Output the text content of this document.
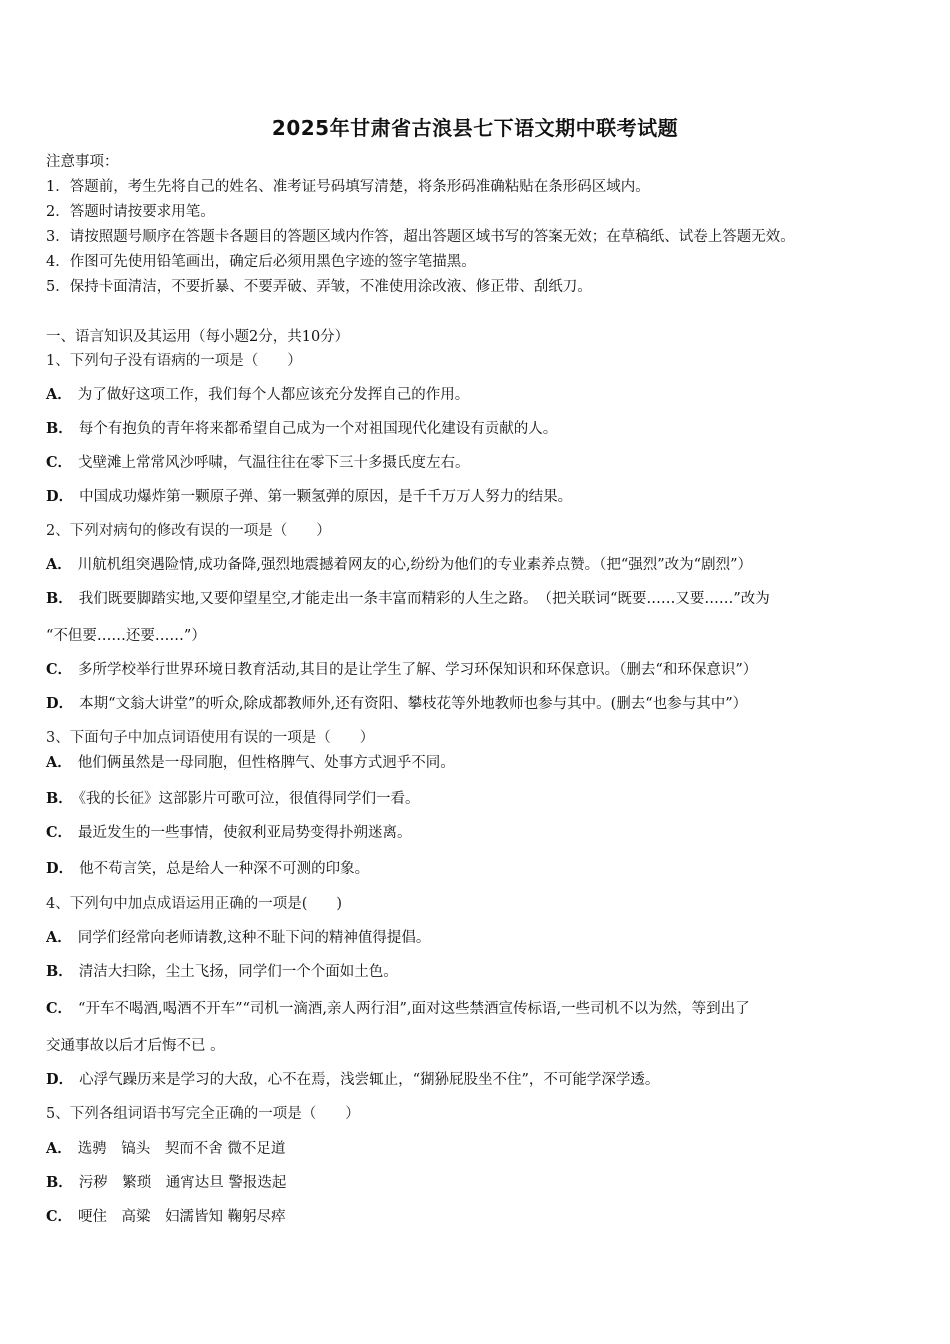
2025年甘肃省古浪县七下语文期中联考试题
注意事项：
1．答题前，考生先将自己的姓名、准考证号码填写清楚，将条形码准确粘贴在条形码区域内。
2．答题时请按要求用笔。
3．请按照题号顺序在答题卡各题目的答题区域内作答，超出答题区域书写的答案无效；在草稿纸、试卷上答题无效。
4．作图可先使用铅笔画出，确定后必须用黑色字迹的签字笔描黑。
5．保持卡面清洁，不要折暴、不要弄破、弄皱，不准使用涂改液、修正带、刮纸刀。
一、语言知识及其运用（每小题2分，共10分）
1、下列句子没有语病的一项是（　　）
A． 为了做好这项工作，我们每个人都应该充分发挥自己的作用。
B． 每个有抱负的青年将来都希望自己成为一个对祖国现代化建设有贡献的人。
C． 戈壁滩上常常风沙呼啸，气温往往在零下三十多摄氏度左右。
D． 中国成功爆炸第一颗原子弹、第一颗氢弹的原因，是千千万万人努力的结果。
2、下列对病句的修改有误的一项是（　　）
A． 川航机组突遇险情,成功备降,强烈地震撼着网友的心,纷纷为他们的专业素养点赞。（把“强烈”改为“剧烈”）
B． 我们既要脚踏实地,又要仰望星空,才能走出一条丰富而精彩的人生之路。　（把关联词“既要……又要……”改为
“不但要……还要……”）
C． 多所学校举行世界环境日教育活动,其目的是让学生了解、学习环保知识和环保意识。（删去“和环保意识”）
D． 本期“文翁大讲堂”的听众,除成都教师外,还有资阳、攀枝花等外地教师也参与其中。(删去“也参与其中”）
3、下面句子中加点词语使用有误的一项是（　　）
A． 他们俩虽然是一母同胞，但性格脾气、处事方式迥乎不同。
B． 《我的长征》这部影片可歌可泣，很值得同学们一看。
C． 最近发生的一些事情，使叙利亚局势变得扑朔迷离。
D． 他不苟言笑，总是给人一种深不可测的印象。
4、下列句中加点成语运用正确的一项是(　　)
A． 同学们经常向老师请教,这种不耻下问的精神值得提倡。
B． 清洁大扫除，尘土飞扬，同学们一个个面如土色。
C． “开车不喝酒,喝酒不开车”“司机一滴酒,亲人两行泪”,面对这些禁酒宣传标语,一些司机不以为然，等到出了
交通事故以后才后悔不已 。
D． 心浮气躁历来是学习的大敌，心不在焉，浅尝辄止，“猢狲屁股坐不住”，不可能学深学透。
5、下列各组词语书写完全正确的一项是（　　）
A． 选骋　镐头　契而不舍 微不足道
B． 污秽　繁琐　通宵达旦 警报迭起
C． 哽住　高粱　妇濡皆知 鞠躬尽瘁
